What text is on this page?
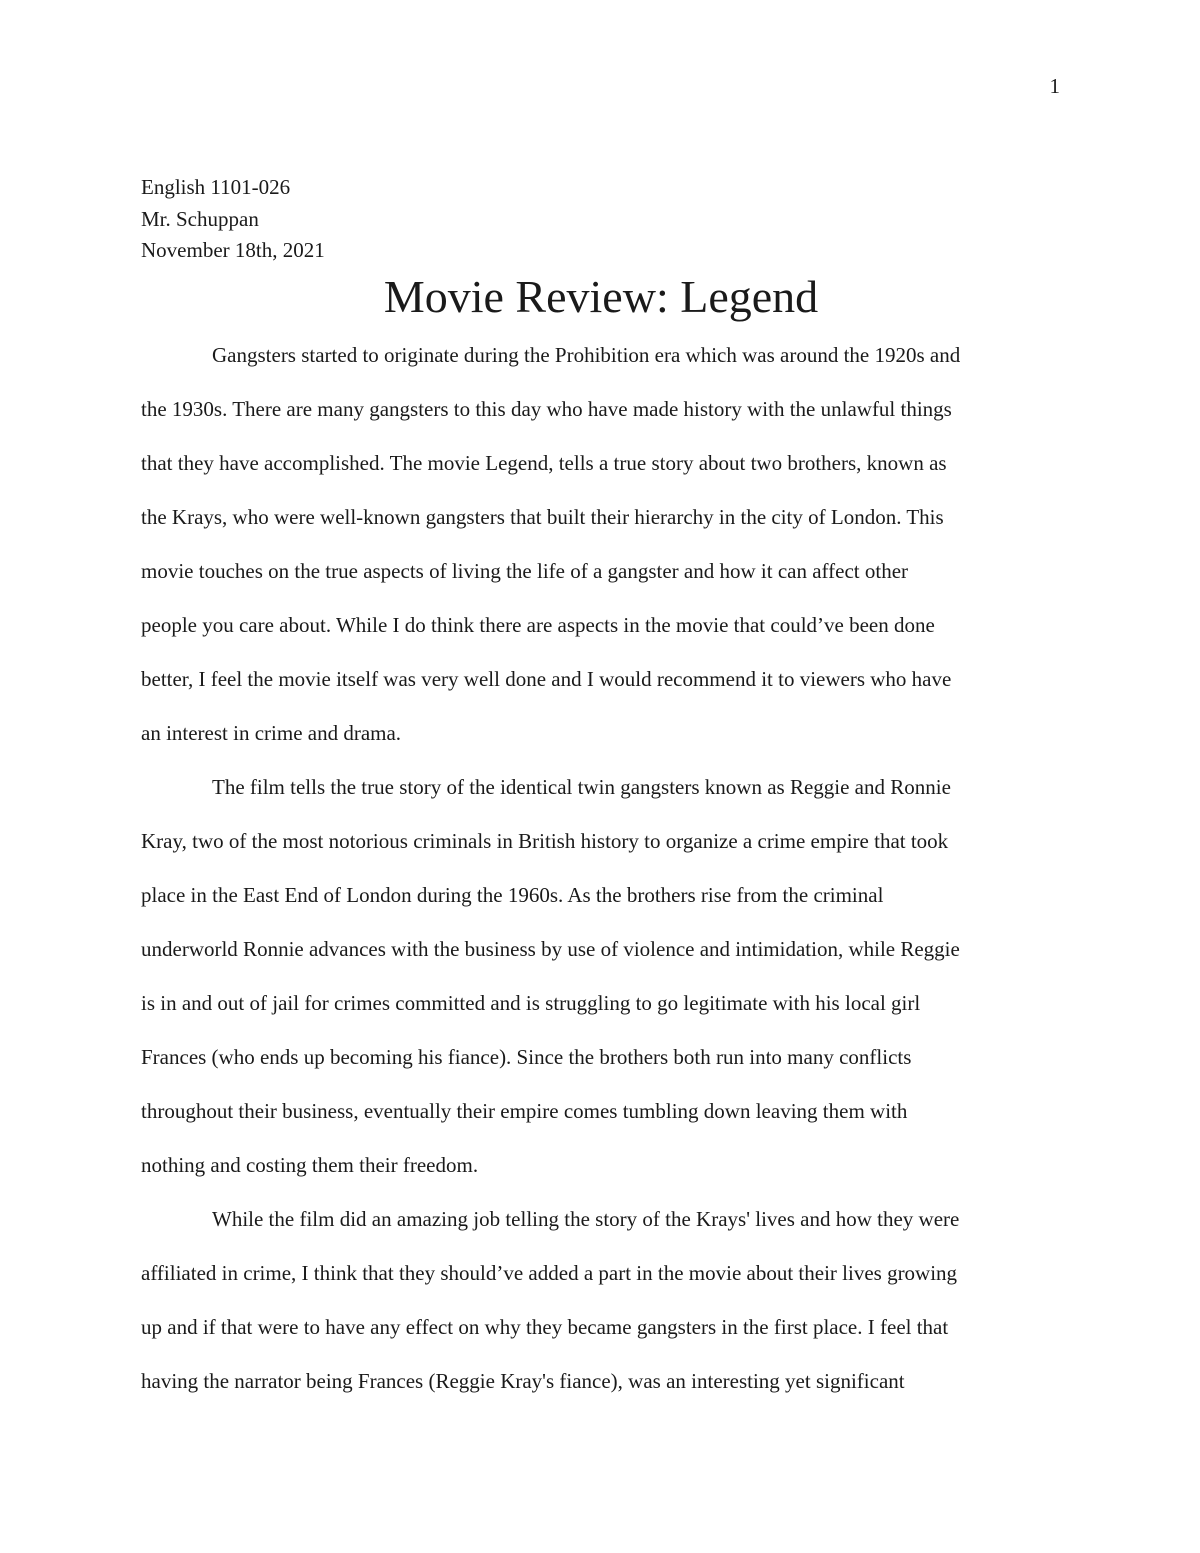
1
English 1101-026
Mr. Schuppan
November 18th, 2021
Movie Review: Legend
Gangsters started to originate during the Prohibition era which was around the 1920s and
the 1930s. There are many gangsters to this day who have made history with the unlawful things
that they have accomplished. The movie Legend, tells a true story about two brothers, known as
the Krays, who were well-known gangsters that built their hierarchy in the city of London. This
movie touches on the true aspects of living the life of a gangster and how it can affect other
people you care about. While I do think there are aspects in the movie that could’ve been done
better, I feel the movie itself was very well done and I would recommend it to viewers who have
an interest in crime and drama.
The film tells the true story of the identical twin gangsters known as Reggie and Ronnie
Kray, two of the most notorious criminals in British history to organize a crime empire that took
place in the East End of London during the 1960s. As the brothers rise from the criminal
underworld Ronnie advances with the business by use of violence and intimidation, while Reggie
is in and out of jail for crimes committed and is struggling to go legitimate with his local girl
Frances (who ends up becoming his fiance). Since the brothers both run into many conflicts
throughout their business, eventually their empire comes tumbling down leaving them with
nothing and costing them their freedom.
While the film did an amazing job telling the story of the Krays' lives and how they were
affiliated in crime, I think that they should’ve added a part in the movie about their lives growing
up and if that were to have any effect on why they became gangsters in the first place. I feel that
having the narrator being Frances (Reggie Kray's fiance), was an interesting yet significant
